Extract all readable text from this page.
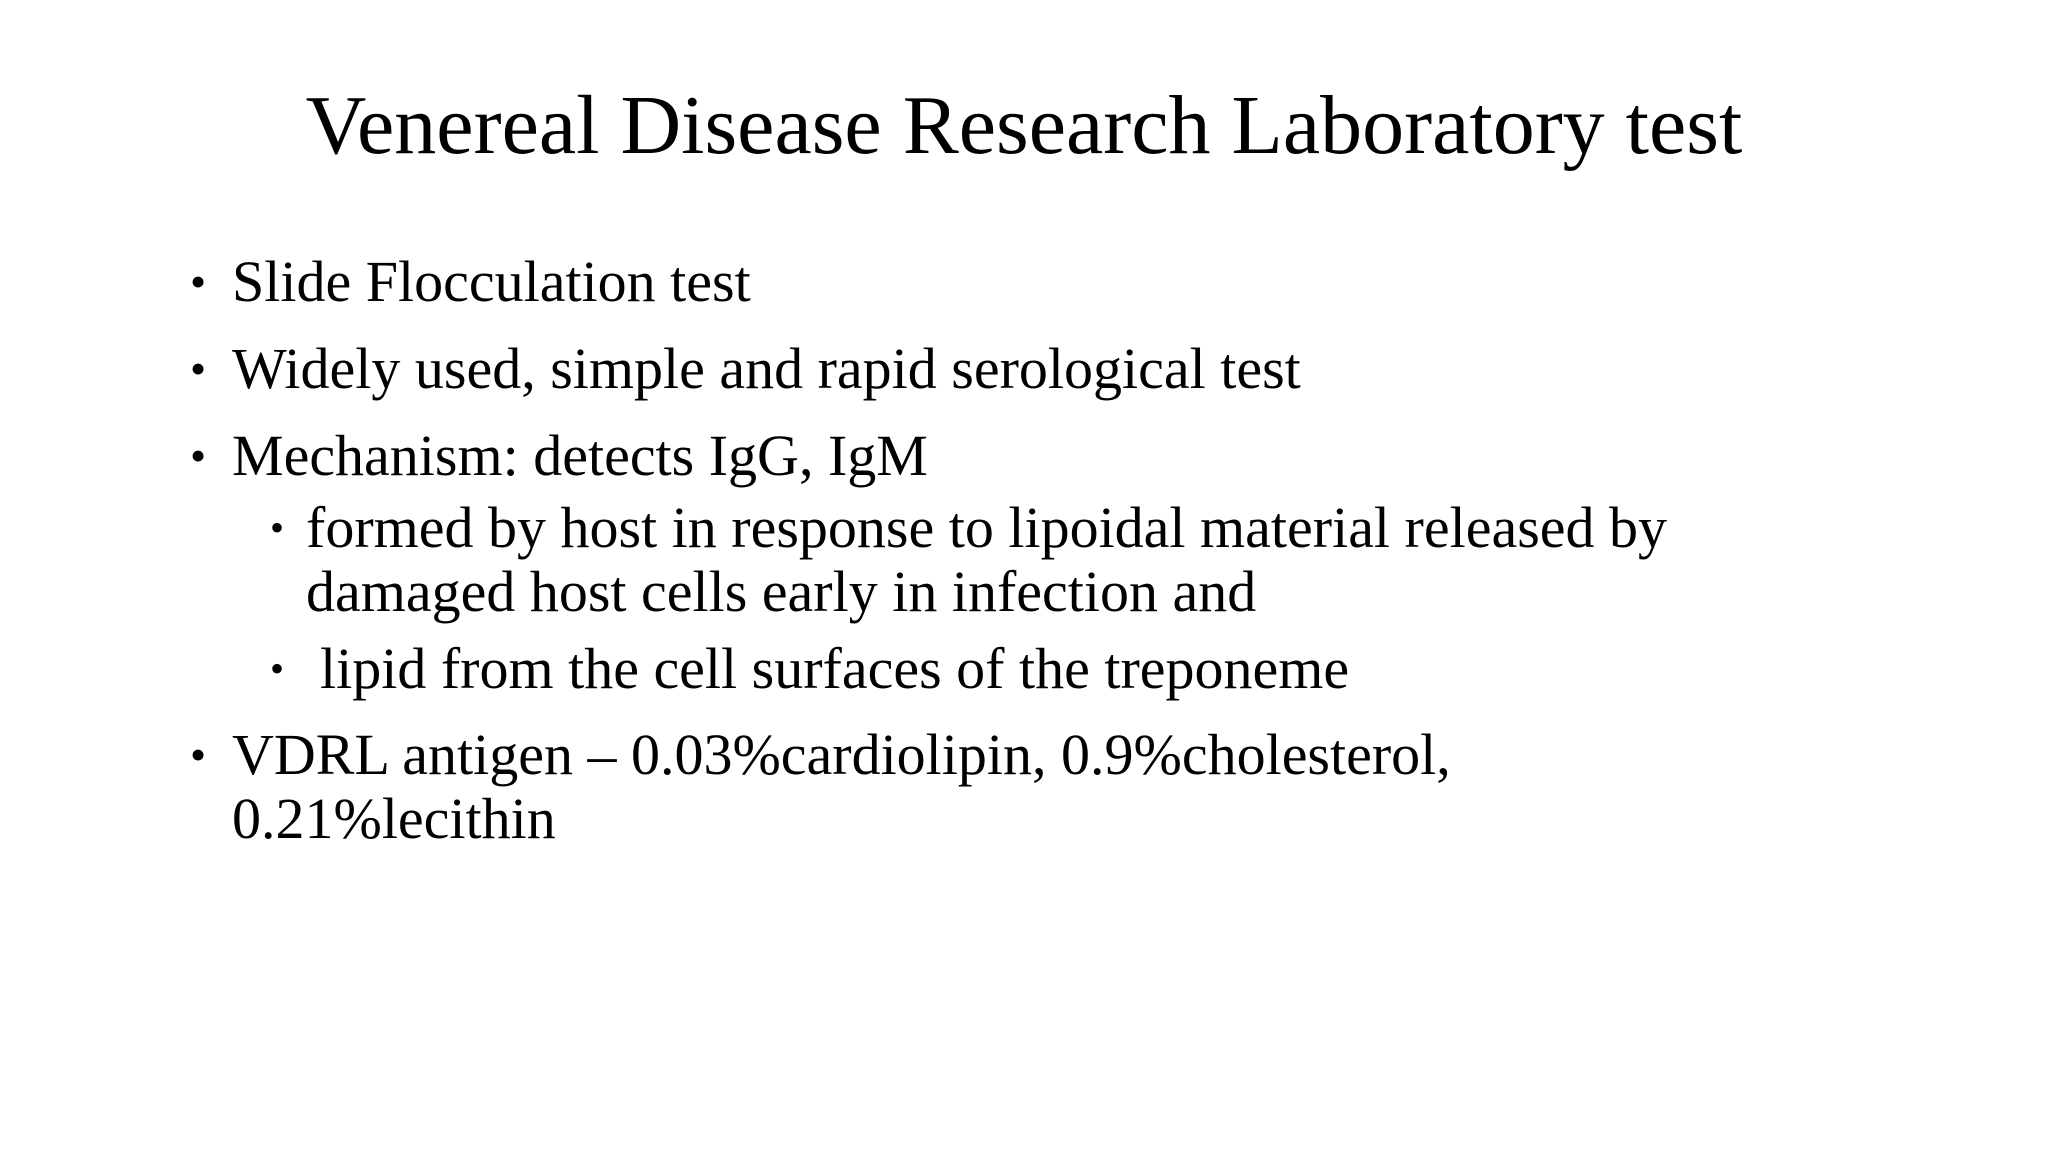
Venereal Disease Research Laboratory test
• Slide Flocculation test
• Widely used, simple and rapid serological test
• Mechanism: detects IgG, IgM
• formed by host in response to lipoidal material released by damaged host cells early in infection and
• lipid from the cell surfaces of the treponeme
• VDRL antigen – 0.03%cardiolipin, 0.9%cholesterol, 0.21%lecithin
